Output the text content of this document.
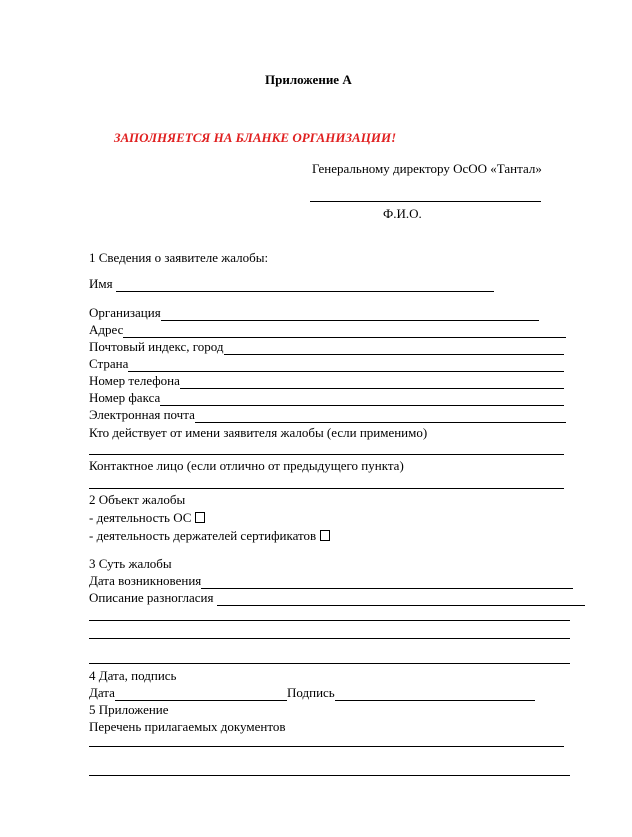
Приложение А
ЗАПОЛНЯЕТСЯ НА БЛАНКЕ ОРГАНИЗАЦИИ!
Генеральному директору ОсОО «Тантал»
Ф.И.О.
1 Сведения о заявителе жалобы:
Имя
Организация
Адрес
Почтовый индекс, город
Страна
Номер телефона
Номер факса
Электронная почта
Кто действует от имени заявителя жалобы (если применимо)
Контактное лицо (если отлично от предыдущего пункта)
2 Объект жалобы
- деятельность ОС
- деятельность держателей сертификатов
3 Суть жалобы
Дата возникновения
Описание разногласия
4 Дата, подпись
Дата	Подпись
5 Приложение
Перечень прилагаемых документов
